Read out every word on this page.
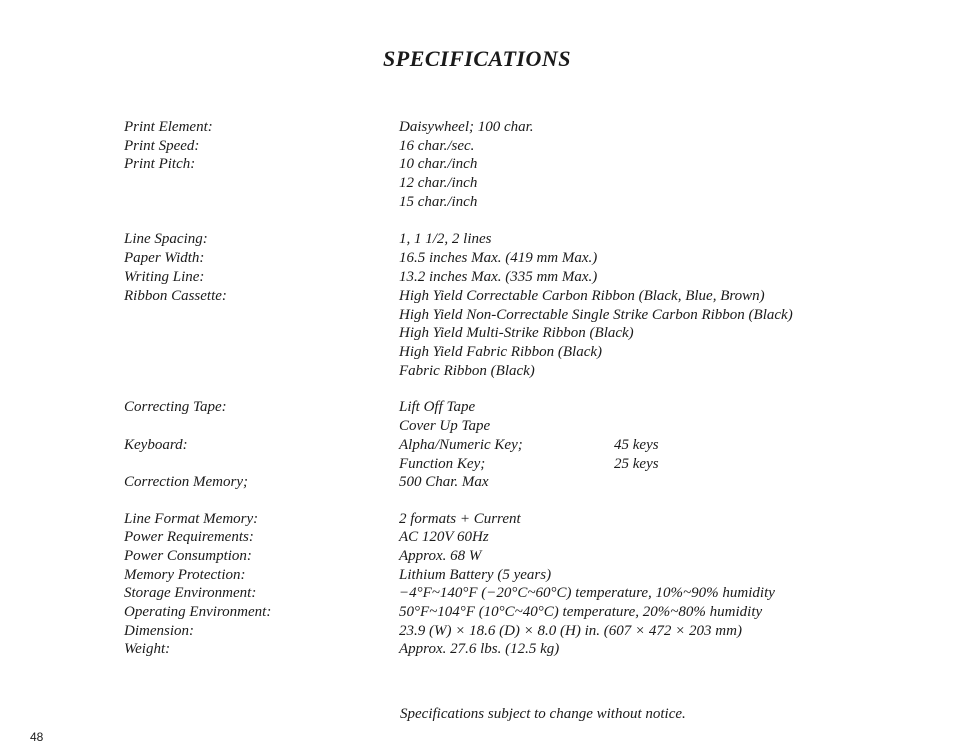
SPECIFICATIONS
Print Element:	Daisywheel; 100 char.
Print Speed:	16 char./sec.
Print Pitch:	10 char./inch
12 char./inch
15 char./inch
Line Spacing:	1, 1 1/2, 2 lines
Paper Width:	16.5 inches Max. (419 mm Max.)
Writing Line:	13.2 inches Max. (335 mm Max.)
Ribbon Cassette:	High Yield Correctable Carbon Ribbon (Black, Blue, Brown)
High Yield Non-Correctable Single Strike Carbon Ribbon (Black)
High Yield Multi-Strike Ribbon (Black)
High Yield Fabric Ribbon (Black)
Fabric Ribbon (Black)
Correcting Tape:	Lift Off Tape
Cover Up Tape
Keyboard:	Alpha/Numeric Key;	45 keys
Function Key;	25 keys
Correction Memory;	500 Char. Max
Line Format Memory:	2 formats + Current
Power Requirements:	AC 120V 60Hz
Power Consumption:	Approx. 68 W
Memory Protection:	Lithium Battery (5 years)
Storage Environment:	−4°F~140°F (−20°C~60°C) temperature, 10%~90% humidity
Operating Environment:	50°F~104°F (10°C~40°C) temperature, 20%~80% humidity
Dimension:	23.9 (W) × 18.6 (D) × 8.0 (H) in. (607 × 472 × 203 mm)
Weight:	Approx. 27.6 lbs. (12.5 kg)
Specifications subject to change without notice.
48
